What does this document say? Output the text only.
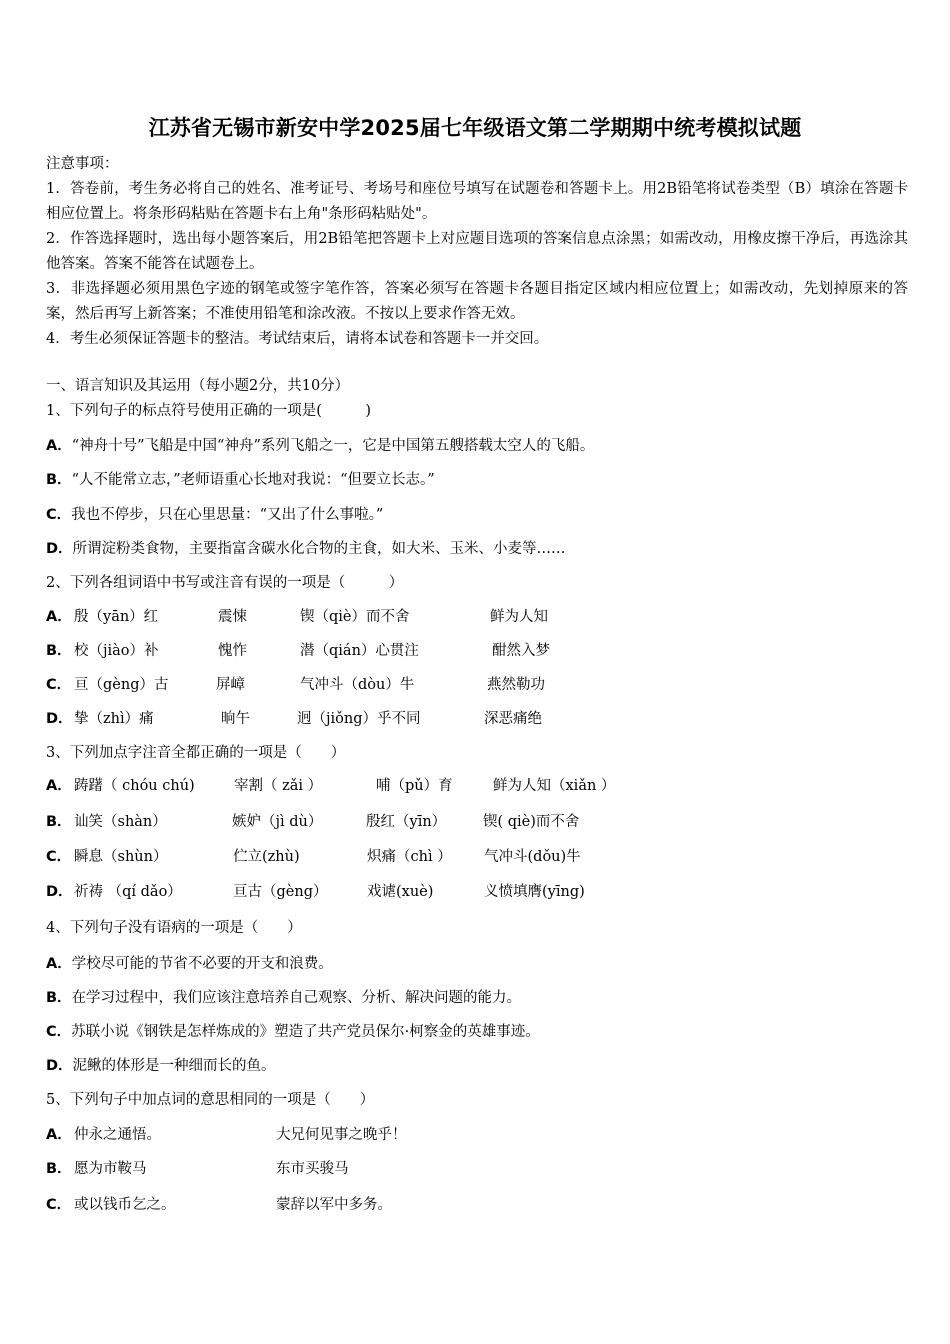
江苏省无锡市新安中学2025届七年级语文第二学期期中统考模拟试题

注意事项：

1．答卷前，考生务必将自己的姓名、准考证号、考场号和座位号填写在试题卷和答题卡上。用2B铅笔将试卷类型（B）填涂在答题卡相应位置上。将条形码粘贴在答题卡右上角"条形码粘贴处"。

2．作答选择题时，选出每小题答案后，用2B铅笔把答题卡上对应题目选项的答案信息点涂黑；如需改动，用橡皮擦干净后，再选涂其他答案。答案不能答在试题卷上。

3．非选择题必须用黑色字迹的钢笔或签字笔作答，答案必须写在答题卡各题目指定区域内相应位置上；如需改动，先划掉原来的答案，然后再写上新答案；不准使用铅笔和涂改液。不按以上要求作答无效。

4．考生必须保证答题卡的整洁。考试结束后，请将本试卷和答题卡一并交回。

一、语言知识及其运用（每小题2分，共10分）
1、下列句子的标点符号使用正确的一项是(　　　)
A．“神舟十号”飞船是中国“神舟”系列飞船之一，它是中国第五艘搭载太空人的飞船。
B．“人不能常立志，”老师语重心长地对我说：“但要立长志。”
C．我也不停步，只在心里思量：“又出了什么事啦。”
D．所谓淀粉类食物，主要指富含碳水化合物的主食，如大米、玉米、小麦等……
2、下列各组词语中书写或注音有误的一项是（　　　）
A． 殷（yān）红	震悚	锲（qiè）而不舍	鲜为人知
B． 校（jiào）补	愧怍	潜（qián）心贯注	酣然入梦
C． 亘（gèng）古	屏嶂	气冲斗（dòu）牛	燕然勒功
D． 挚（zhì）痛	晌午	迥（jiǒng）乎不同	深恶痛绝
3、下列加点字注音全都正确的一项是（　　）
A． 踌躇（ chóu chú)	宰割（ zǎi ）	哺（pǔ）育	鲜为人知（xiǎn ）
B． 讪笑（shàn）	嫉妒（jì dù）	殷红（yīn）	锲( qiè)而不舍
C． 瞬息（shùn）	伫立(zhù)	炽痛（chì ） 气冲斗(dǒu)牛
D． 祈祷 （qí dǎo）	亘古（gèng）	戏谑(xuè)	义愤填膺(yīng)
4、下列句子没有语病的一项是（　　）
A．学校尽可能的节省不必要的开支和浪费。
B．在学习过程中，我们应该注意培养自己观察、分析、解决问题的能力。
C．苏联小说《钢铁是怎样炼成的》塑造了共产党员保尔·柯察金的英雄事迹。
D．泥鳅的体形是一种细而长的鱼。
5、下列句子中加点词的意思相同的一项是（　　）
A． 仲永之通悟。	大兄何见事之晚乎！
B． 愿为市鞍马	东市买骏马
C． 或以钱币乞之。	蒙辞以军中多务。
